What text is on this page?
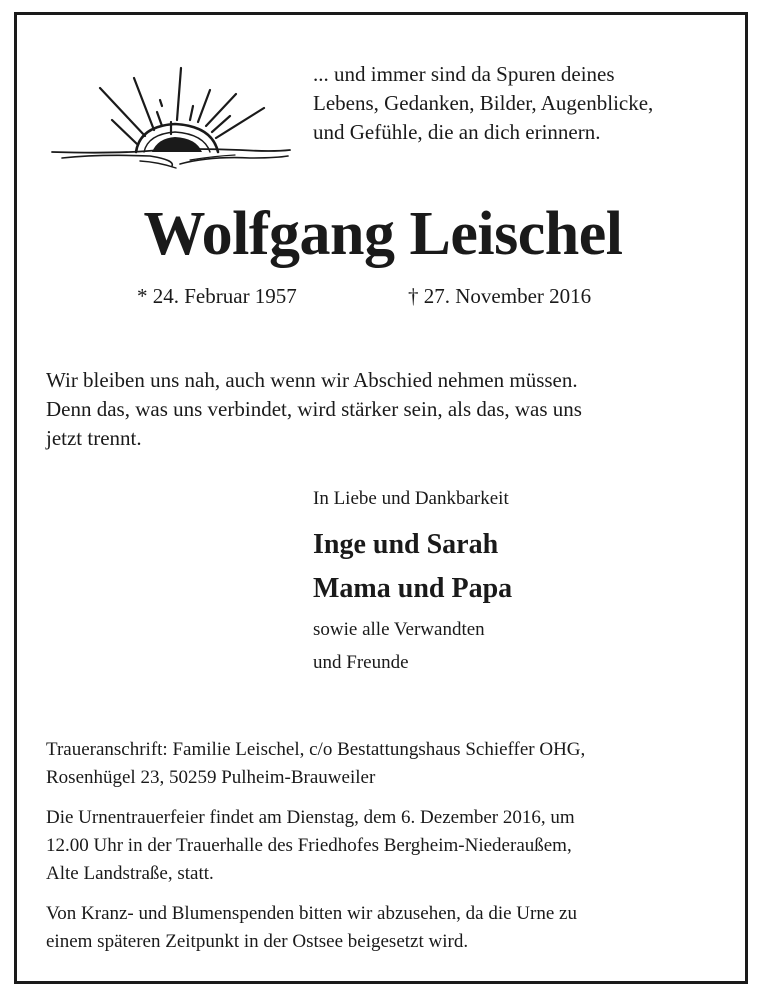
... und immer sind da Spuren deines
Lebens, Gedanken, Bilder, Augenblicke,
und Gefühle, die an dich erinnern.
Wolfgang Leischel
* 24. Februar 1957	† 27. November 2016
Wir bleiben uns nah, auch wenn wir Abschied nehmen müssen.
Denn das, was uns verbindet, wird stärker sein, als das, was uns
jetzt trennt.
In Liebe und Dankbarkeit
Inge und Sarah
Mama und Papa
sowie alle Verwandten
und Freunde
Traueranschrift: Familie Leischel, c/o Bestattungshaus Schieffer OHG,
Rosenhügel 23, 50259 Pulheim-Brauweiler
Die Urnentrauerfeier findet am Dienstag, dem 6. Dezember 2016, um
12.00 Uhr in der Trauerhalle des Friedhofes Bergheim-Niederaußem,
Alte Landstraße, statt.
Von Kranz- und Blumenspenden bitten wir abzusehen, da die Urne zu
einem späteren Zeitpunkt in der Ostsee beigesetzt wird.
